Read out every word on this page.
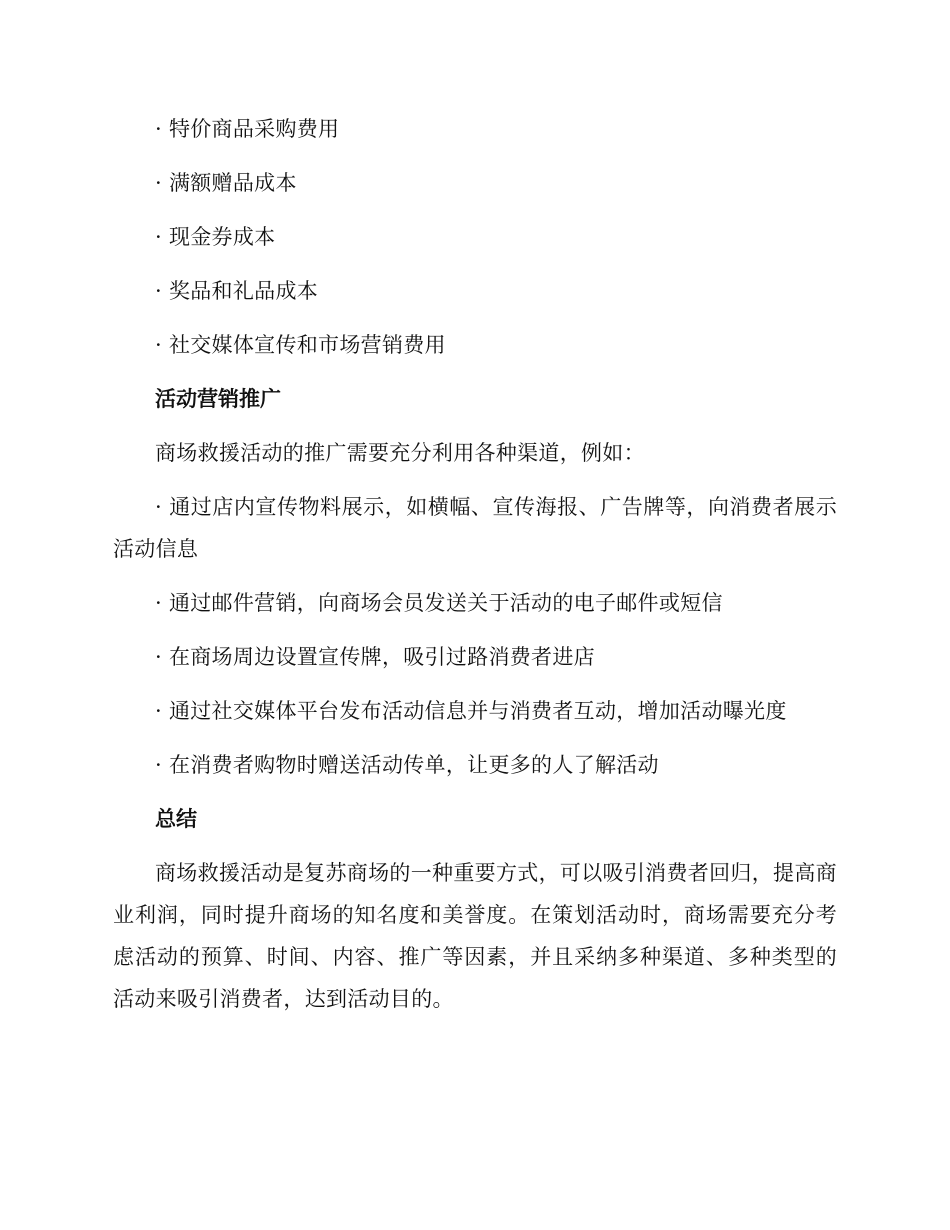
· 特价商品采购费用

· 满额赠品成本

· 现金券成本

· 奖品和礼品成本

· 社交媒体宣传和市场营销费用

活动营销推广

商场救援活动的推广需要充分利用各种渠道，例如：

· 通过店内宣传物料展示，如横幅、宣传海报、广告牌等，向消费者展示活动信息

· 通过邮件营销，向商场会员发送关于活动的电子邮件或短信

· 在商场周边设置宣传牌，吸引过路消费者进店

· 通过社交媒体平台发布活动信息并与消费者互动，增加活动曝光度

· 在消费者购物时赠送活动传单，让更多的人了解活动

总结

商场救援活动是复苏商场的一种重要方式，可以吸引消费者回归，提高商业利润，同时提升商场的知名度和美誉度。在策划活动时，商场需要充分考虑活动的预算、时间、内容、推广等因素，并且采纳多种渠道、多种类型的活动来吸引消费者，达到活动目的。
